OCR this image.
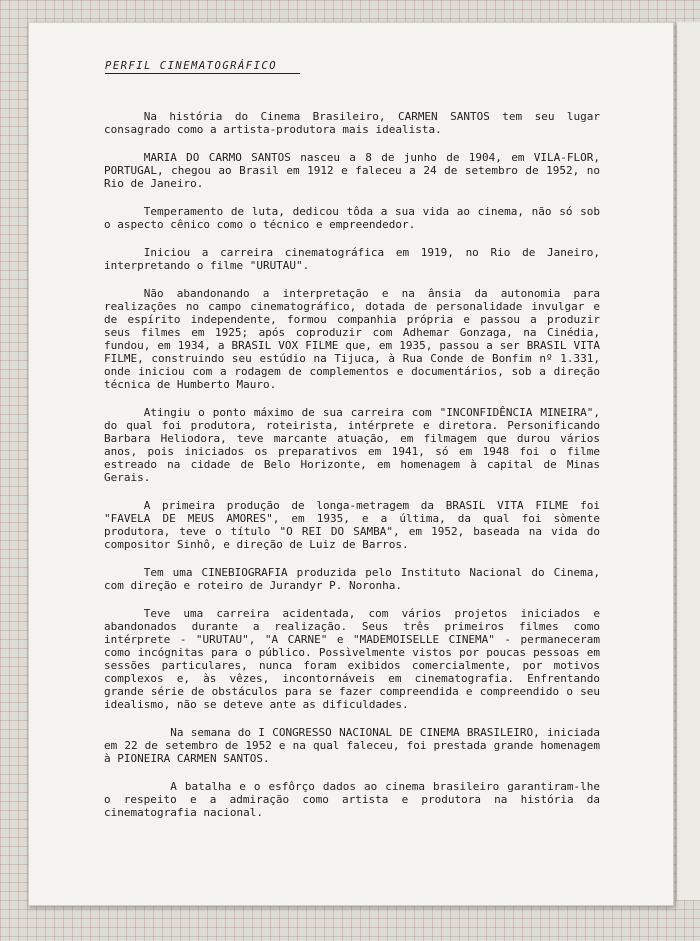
PERFIL CINEMATOGRÁFICO

Na história do Cinema Brasileiro, CARMEN SANTOS tem seu lugar consagrado como a artista-produtora mais idealista.

MARIA DO CARMO SANTOS nasceu a 8 de junho de 1904, em VILA-FLOR, PORTUGAL, chegou ao Brasil em 1912 e faleceu a 24 de setembro de 1952, no Rio de Janeiro.

Temperamento de luta, dedicou tôda a sua vida ao cinema, não só sob o aspecto cênico como o técnico e empreendedor.

Iniciou a carreira cinematográfica em 1919, no Rio de Janeiro, interpretando o filme "URUTAU".

Não abandonando a interpretação e na ânsia da autonomia para realizações no campo cinematográfico, dotada de personalidade invulgar e de espírito independente, formou companhia própria e passou a produzir seus filmes em 1925; após coproduzir com Adhemar Gonzaga, na Cinédia, fundou, em 1934, a BRASIL VOX FILME que, em 1935, passou a ser BRASIL VITA FILME, construindo seu estúdio na Tijuca, à Rua Conde de Bonfim nº 1.331, onde iniciou com a rodagem de complementos e documentários, sob a direção técnica de Humberto Mauro.

Atingiu o ponto máximo de sua carreira com "INCONFIDÊNCIA MINEIRA", do qual foi produtora, roteirista, intérprete e diretora. Personificando Barbara Heliodora, teve marcante atuação, em filmagem que durou vários anos, pois iniciados os preparativos em 1941, só em 1948 foi o filme estreado na cidade de Belo Horizonte, em homenagem à capital de Minas Gerais.

A primeira produção de longa-metragem da BRASIL VITA FILME foi "FAVELA DE MEUS AMORES", em 1935, e a última, da qual foi sòmente produtora, teve o título "O REI DO SAMBA", em 1952, baseada na vida do compositor Sinhô, e direção de Luiz de Barros.

Tem uma CINEBIOGRAFIA produzida pelo Instituto Nacional do Cinema, com direção e roteiro de Jurandyr P. Noronha.

Teve uma carreira acidentada, com vários projetos iniciados e abandonados durante a realização. Seus três primeiros filmes como intérprete - "URUTAU", "A CARNE" e "MADEMOISELLE CINEMA" - permaneceram como incógnitas para o público. Possìvelmente vistos por poucas pessoas em sessões particulares, nunca foram exibidos comercialmente, por motivos complexos e, às vêzes, incontornáveis em cinematografia. Enfrentando grande série de obstáculos para se fazer compreendida e compreendido o seu idealismo, não se deteve ante as dificuldades.

Na semana do I CONGRESSO NACIONAL DE CINEMA BRASILEIRO, iniciada em 22 de setembro de 1952 e na qual faleceu, foi prestada grande homenagem à PIONEIRA CARMEN SANTOS.

A batalha e o esfôrço dados ao cinema brasileiro garantiram-lhe o respeito e a admiração como artista e produtora na história da cinematografia nacional.
